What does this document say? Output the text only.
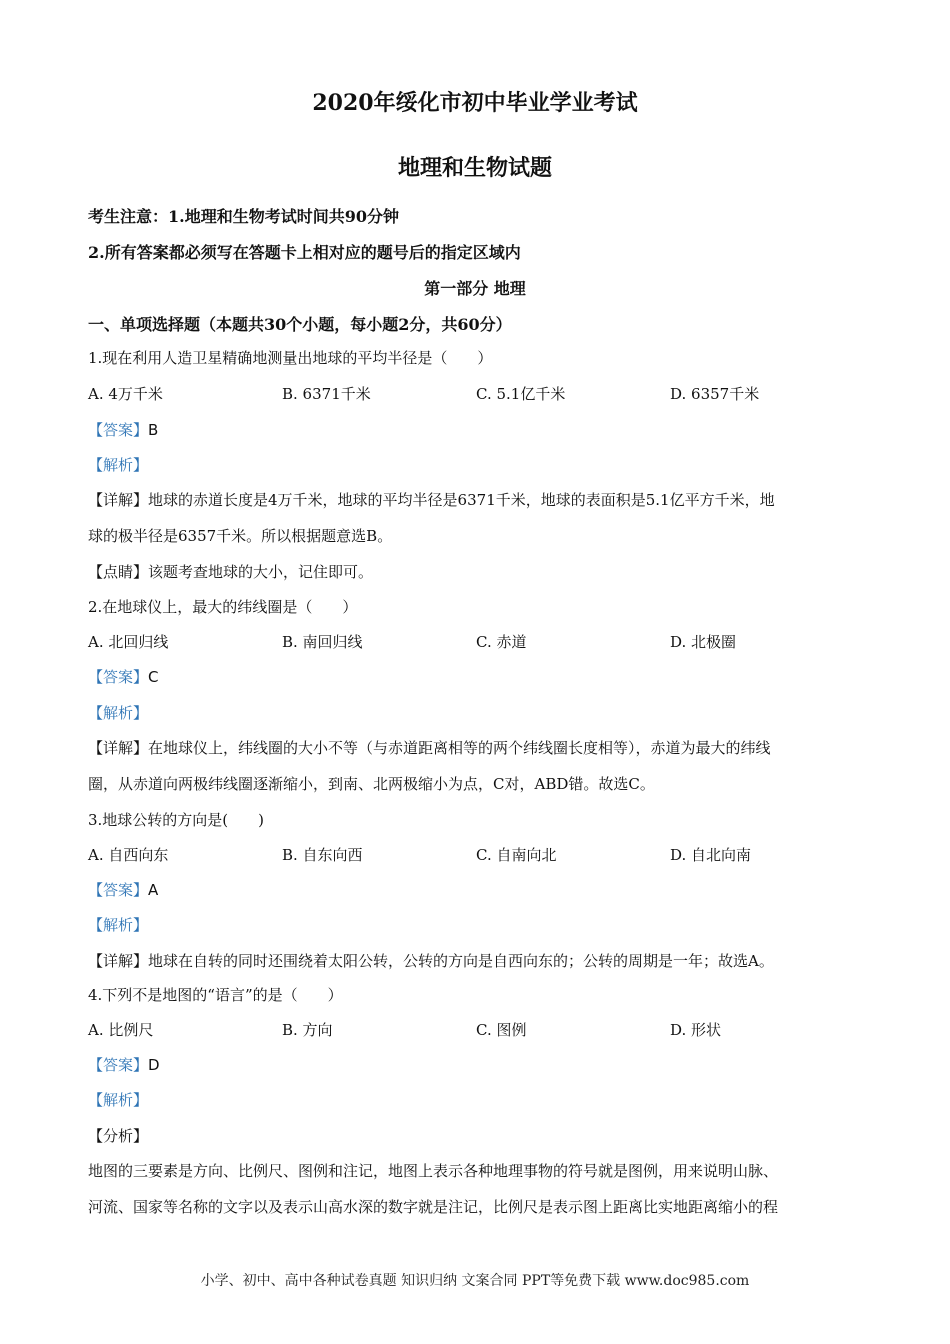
2020年绥化市初中毕业学业考试
地理和生物试题
考生注意：1.地理和生物考试时间共90分钟
2.所有答案都必须写在答题卡上相对应的题号后的指定区域内
第一部分 地理
一、单项选择题（本题共30个小题，每小题2分，共60分）
1.现在利用人造卫星精确地测量出地球的平均半径是（　　）
A. 4万千米	B. 6371千米	C. 5.1亿千米	D. 6357千米
【答案】B
【解析】
【详解】地球的赤道长度是4万千米，地球的平均半径是6371千米，地球的表面积是5.1亿平方千米，地
球的极半径是6357千米。所以根据题意选B。
【点睛】该题考查地球的大小，记住即可。
2.在地球仪上，最大的纬线圈是（　　）
A. 北回归线	B. 南回归线	C. 赤道	D. 北极圈
【答案】C
【解析】
【详解】在地球仪上，纬线圈的大小不等（与赤道距离相等的两个纬线圈长度相等），赤道为最大的纬线
圈，从赤道向两极纬线圈逐渐缩小，到南、北两极缩小为点，C对，ABD错。故选C。
3.地球公转的方向是(　　)
A. 自西向东	B. 自东向西	C. 自南向北	D. 自北向南
【答案】A
【解析】
【详解】地球在自转的同时还围绕着太阳公转，公转的方向是自西向东的；公转的周期是一年；故选A。
4.下列不是地图的“语言”的是（　　）
A. 比例尺	B. 方向	C. 图例	D. 形状
【答案】D
【解析】
【分析】
地图的三要素是方向、比例尺、图例和注记，地图上表示各种地理事物的符号就是图例，用来说明山脉、
河流、国家等名称的文字以及表示山高水深的数字就是注记，比例尺是表示图上距离比实地距离缩小的程
小学、初中、高中各种试卷真题 知识归纳 文案合同 PPT等免费下载 www.doc985.com
